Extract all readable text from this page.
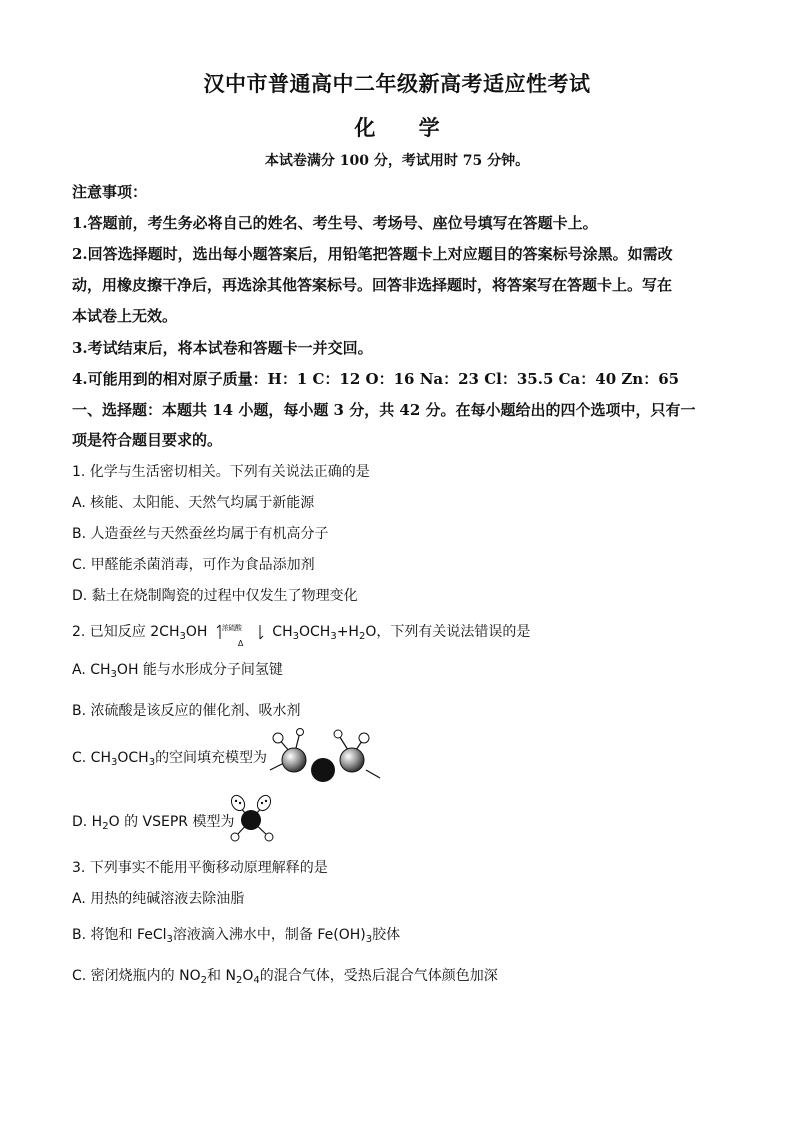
汉中市普通高中二年级新高考适应性考试
化 学
本试卷满分 100 分，考试用时 75 分钟。
注意事项：
1.答题前，考生务必将自己的姓名、考生号、考场号、座位号填写在答题卡上。
2.回答选择题时，选出每小题答案后，用铅笔把答题卡上对应题目的答案标号涂黑。如需改
动，用橡皮擦干净后，再选涂其他答案标号。回答非选择题时，将答案写在答题卡上。写在
本试卷上无效。
3.考试结束后，将本试卷和答题卡一并交回。
4.可能用到的相对原子质量：H：1 C：12 O：16 Na：23 Cl：35.5 Ca：40 Zn：65
一、选择题：本题共 14 小题，每小题 3 分，共 42 分。在每小题给出的四个选项中，只有一
项是符合题目要求的。
1. 化学与生活密切相关。下列有关说法正确的是
A. 核能、太阳能、天然气均属于新能源
B. 人造蚕丝与天然蚕丝均属于有机高分子
C. 甲醛能杀菌消毒，可作为食品添加剂
D. 黏土在烧制陶瓷的过程中仅发生了物理变化
2. 已知反应 $2CH_3OH$ 浓硫酸
Δ
$CH_3OCH_3+H_2O$，下列有关说法错误的是
A. $CH_3OH$ 能与水形成分子间氢键
B. 浓硫酸是该反应的催化剂、吸水剂
C. $CH_3OCH_3$的空间填充模型为
D. $H_2O$ 的 VSEPR 模型为
3. 下列事实不能用平衡移动原理解释的是
A. 用热的纯碱溶液去除油脂
B. 将饱和 FeCl$_3$溶液滴入沸水中，制备 $Fe(OH)_3$胶体
C. 密闭烧瓶内的 $NO_2$和 $N_2O_4$的混合气体，受热后混合气体颜色加深
